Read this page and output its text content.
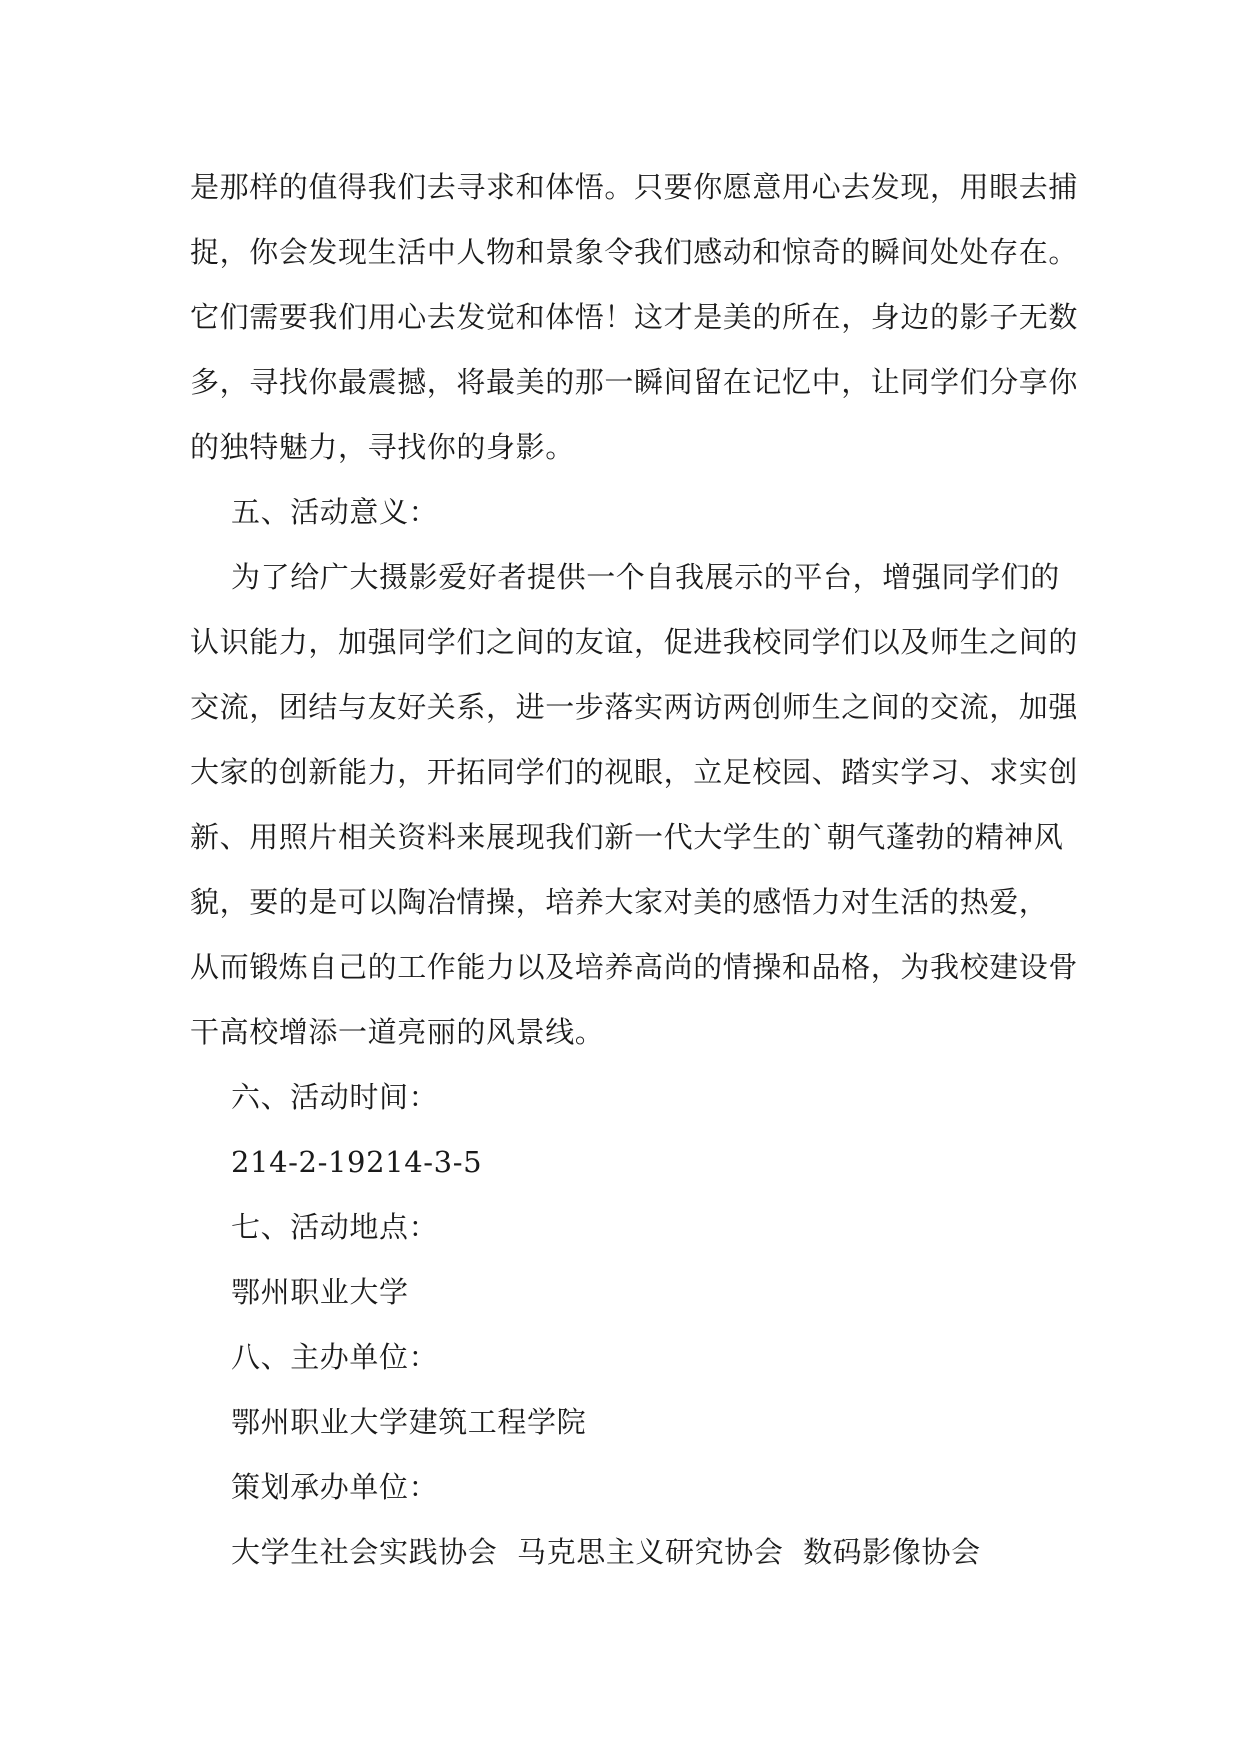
是那样的值得我们去寻求和体悟。只要你愿意用心去发现，用眼去捕
捉，你会发现生活中人物和景象令我们感动和惊奇的瞬间处处存在。
它们需要我们用心去发觉和体悟！这才是美的所在，身边的影子无数
多，寻找你最震撼，将最美的那一瞬间留在记忆中，让同学们分享你
的独特魅力，寻找你的身影。
五、活动意义：
为了给广大摄影爱好者提供一个自我展示的平台，增强同学们的
认识能力，加强同学们之间的友谊，促进我校同学们以及师生之间的
交流，团结与友好关系，进一步落实两访两创师生之间的交流，加强
大家的创新能力，开拓同学们的视眼，立足校园、踏实学习、求实创
新、用照片相关资料来展现我们新一代大学生的`朝气蓬勃的精神风
貌，要的是可以陶冶情操，培养大家对美的感悟力对生活的热爱，
从而锻炼自己的工作能力以及培养高尚的情操和品格，为我校建设骨
干高校增添一道亮丽的风景线。
六、活动时间：
214-2-19214-3-5
七、活动地点：
鄂州职业大学
八、主办单位：
鄂州职业大学建筑工程学院
策划承办单位：
大学生社会实践协会  马克思主义研究协会  数码影像协会
